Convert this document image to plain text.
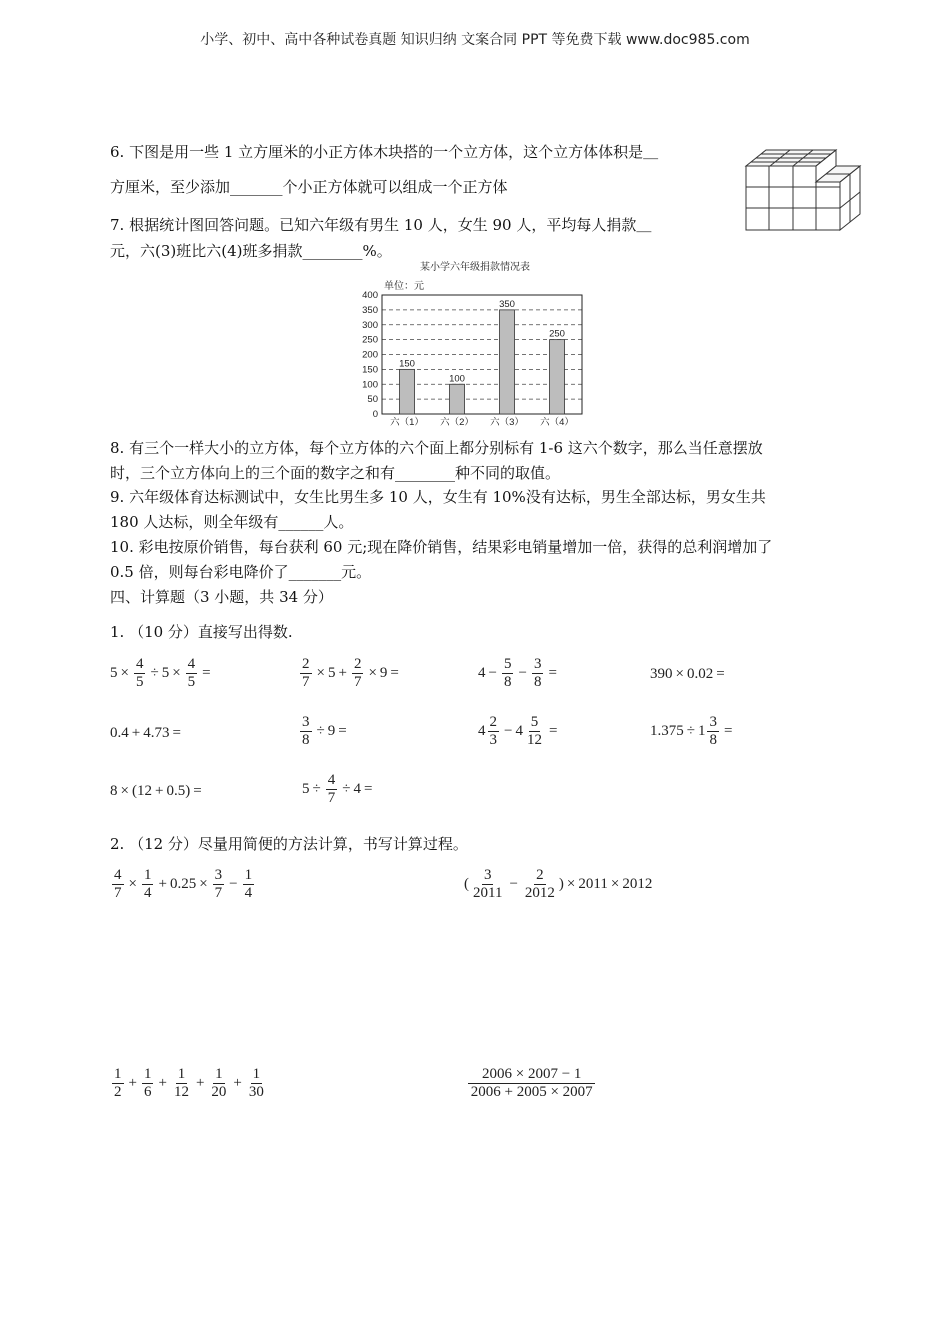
小学、初中、高中各种试卷真题 知识归纳 文案合同 PPT 等免费下载 www.doc985.com
6. 下图是用一些 1 立方厘米的小正方体木块搭的一个立方体，这个立方体体积是＿
方厘米，至少添加_______个小正方体就可以组成一个正方体
7. 根据统计图回答问题。已知六年级有男生 10 人，女生 90 人，平均每人捐款＿
元，六(3)班比六(4)班多捐款________%。
某小学六年级捐款情况表
单位：元
0
50
100
150
200
250
300
350
400
150
六（1）
100
六（2）
350
六（3）
250
六（4）
8. 有三个一样大小的立方体，每个立方体的六个面上都分别标有 1-6 这六个数字，那么当任意摆放
时，三个立方体向上的三个面的数字之和有________种不同的取值。
9. 六年级体育达标测试中，女生比男生多 10 人，女生有 10%没有达标，男生全部达标，男女生共
180 人达标，则全年级有______人。
10. 彩电按原价销售，每台获利 60 元;现在降价销售，结果彩电销量增加一倍，获得的总利润增加了
0.5 倍，则每台彩电降价了_______元。
四、计算题（3 小题，共 34 分）
1. （10 分）直接写出得数.
$5 \times \frac{4}{5} \div 5 \times \frac{4}{5}$ =	$\frac{2}{7} \times 5 + \frac{2}{7} \times 9$ =	$4 - \frac{5}{8} - \frac{3}{8}$ =	390 × 0.02 =
0.4 + 4.73 =	$\frac{3}{8} \div 9$ =	$4 \frac{2}{3} - 4 \frac{5}{12}$ =	$1.375 \div 1 \frac{3}{8}$ =
8 × ( 12 + 0.5 ) =	$5 \div \frac{4}{7} \div 4$ =
2. （12 分）尽量用简便的方法计算，书写计算过程。
$\frac{4}{7} \times \frac{1}{4} + 0.25 \times \frac{3}{7} - \frac{1}{4}$	( $\frac{3}{2011} - \frac{2}{2012}$ ) × 2011 × 2012
$\frac{1}{2} + \frac{1}{6} + \frac{1}{12} + \frac{1}{20} + \frac{1}{30}$	$\frac{2006 \times 2007 - 1}{2006 + 2005 \times 2007}$
